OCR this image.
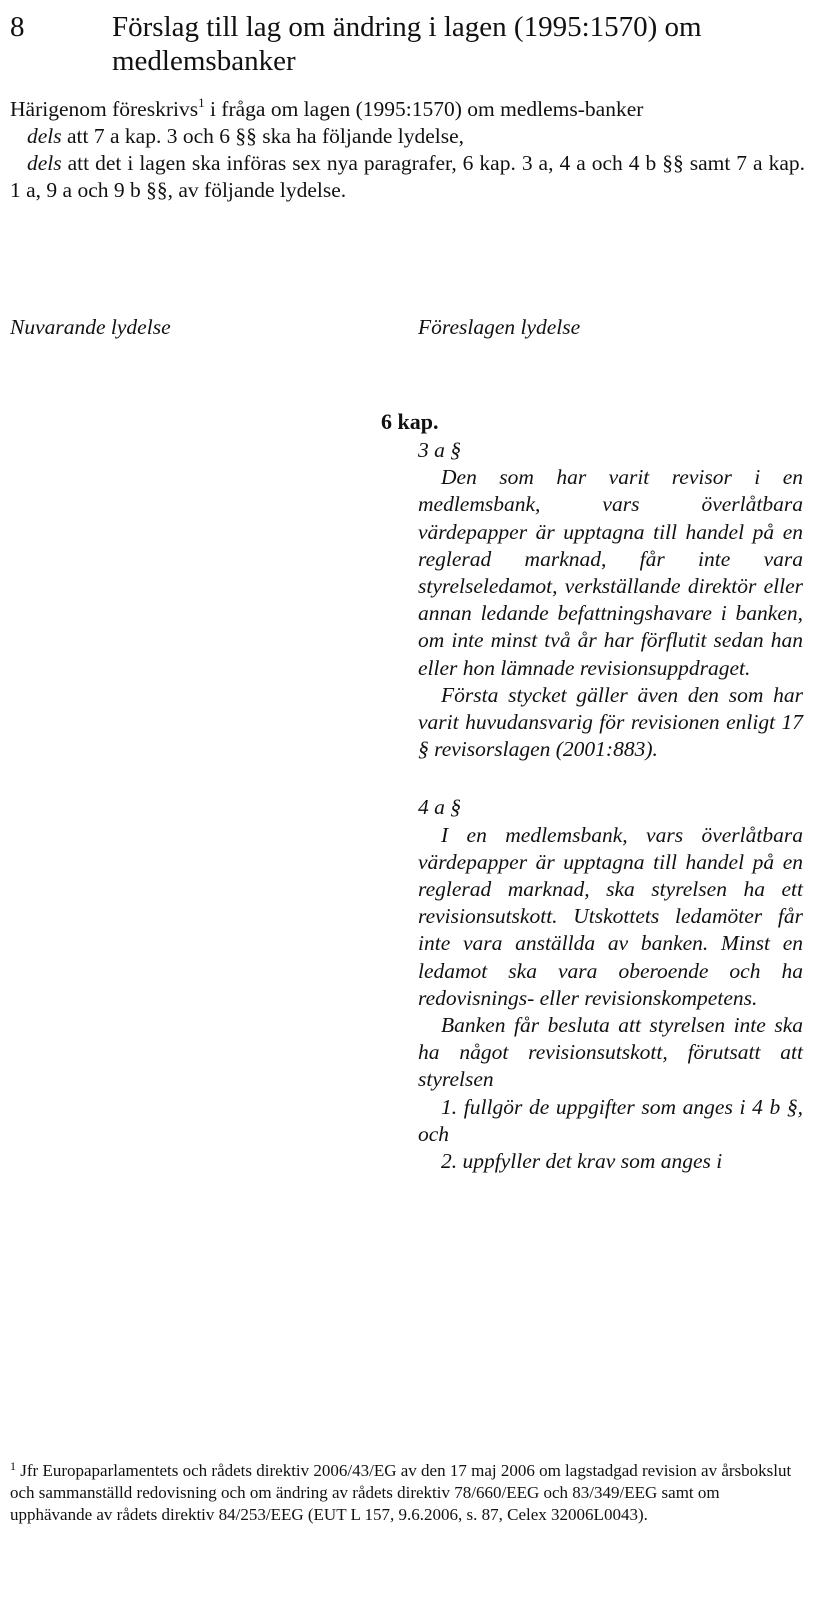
8	Förslag till lag om ändring i lagen (1995:1570) om medlemsbanker

Härigenom föreskrivs$^1$ i fråga om lagen (1995:1570) om medlems-banker

dels att 7 a kap. 3 och 6 §§ ska ha följande lydelse,

dels att det i lagen ska införas sex nya paragrafer, 6 kap. 3 a, 4 a och 4 b §§ samt 7 a kap. 1 a, 9 a och 9 b §§, av följande lydelse.

Nuvarande lydelse	Föreslagen lydelse
6 kap.

3 a §

Den som har varit revisor i en medlemsbank, vars överlåtbara värdepapper är upptagna till handel på en reglerad marknad, får inte vara styrelseledamot, verkställande direktör eller annan ledande befattningshavare i banken, om inte minst två år har förflutit sedan han eller hon lämnade revisionsuppdraget.

Första stycket gäller även den som har varit huvudansvarig för revisionen enligt 17 § revisorslagen (2001:883).

4 a §

I en medlemsbank, vars överlåtbara värdepapper är upptagna till handel på en reglerad marknad, ska styrelsen ha ett revisionsutskott. Utskottets ledamöter får inte vara anställda av banken. Minst en ledamot ska vara oberoende och ha redovisnings- eller revisionskompetens.

Banken får besluta att styrelsen inte ska ha något revisionsutskott, förutsatt att styrelsen

1. fullgör de uppgifter som anges i 4 b §, och

2. uppfyller det krav som anges i

$^1$ Jfr Europaparlamentets och rådets direktiv 2006/43/EG av den 17 maj 2006 om lagstadgad revision av årsbokslut och sammanställd redovisning och om ändring av rådets direktiv 78/660/EEG och 83/349/EEG samt om upphävande av rådets direktiv 84/253/EEG (EUT L 157, 9.6.2006, s. 87, Celex 32006L0043).
